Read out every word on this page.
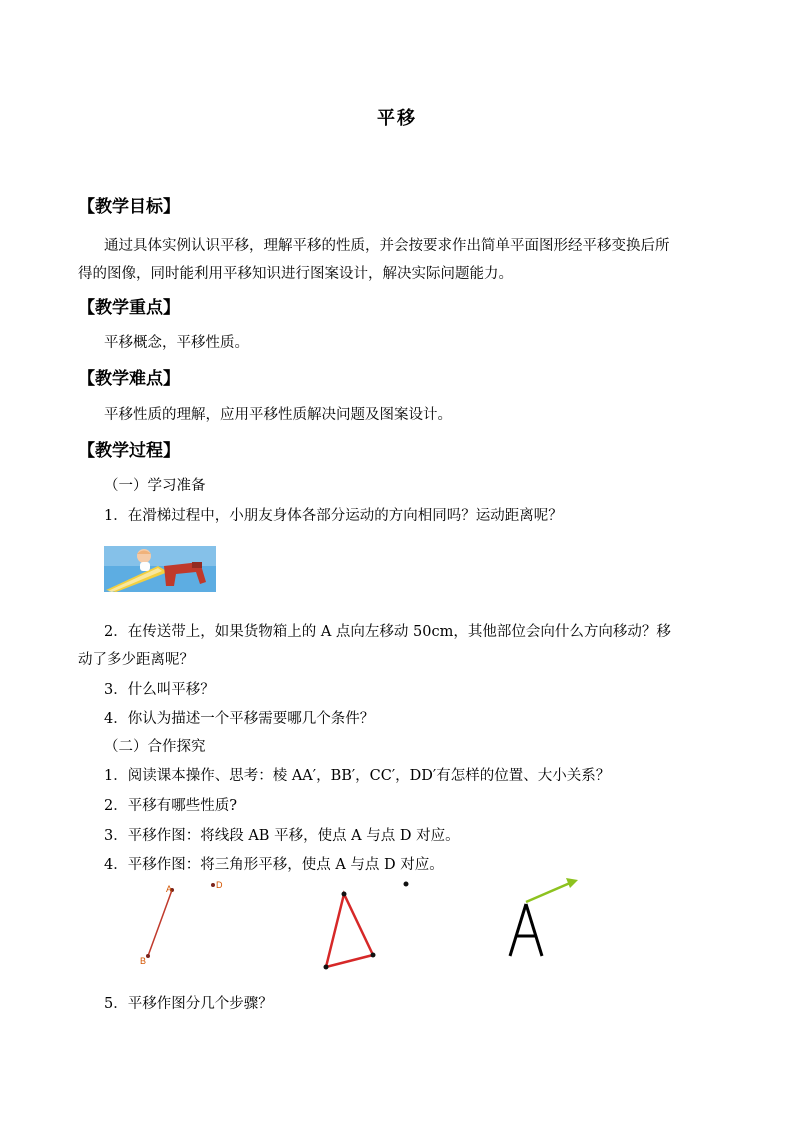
平移
【教学目标】
通过具体实例认识平移，理解平移的性质，并会按要求作出简单平面图形经平移变换后所
得的图像，同时能利用平移知识进行图案设计，解决实际问题能力。
【教学重点】
平移概念，平移性质。
【教学难点】
平移性质的理解，应用平移性质解决问题及图案设计。
【教学过程】
（一）学习准备
1．在滑梯过程中，小朋友身体各部分运动的方向相同吗？运动距离呢？
2．在传送带上，如果货物箱上的 A 点向左移动 50cm，其他部位会向什么方向移动？移
动了多少距离呢？
3．什么叫平移？
4．你认为描述一个平移需要哪几个条件？
（二）合作探究
1．阅读课本操作、思考：棱 AA′，BB′，CC′，DD′有怎样的位置、大小关系？
2．平移有哪些性质?
3．平移作图：将线段 AB 平移，使点 A 与点 D 对应。
4．平移作图：将三角形平移，使点 A 与点 D 对应。
A
B
D
5．平移作图分几个步骤？
